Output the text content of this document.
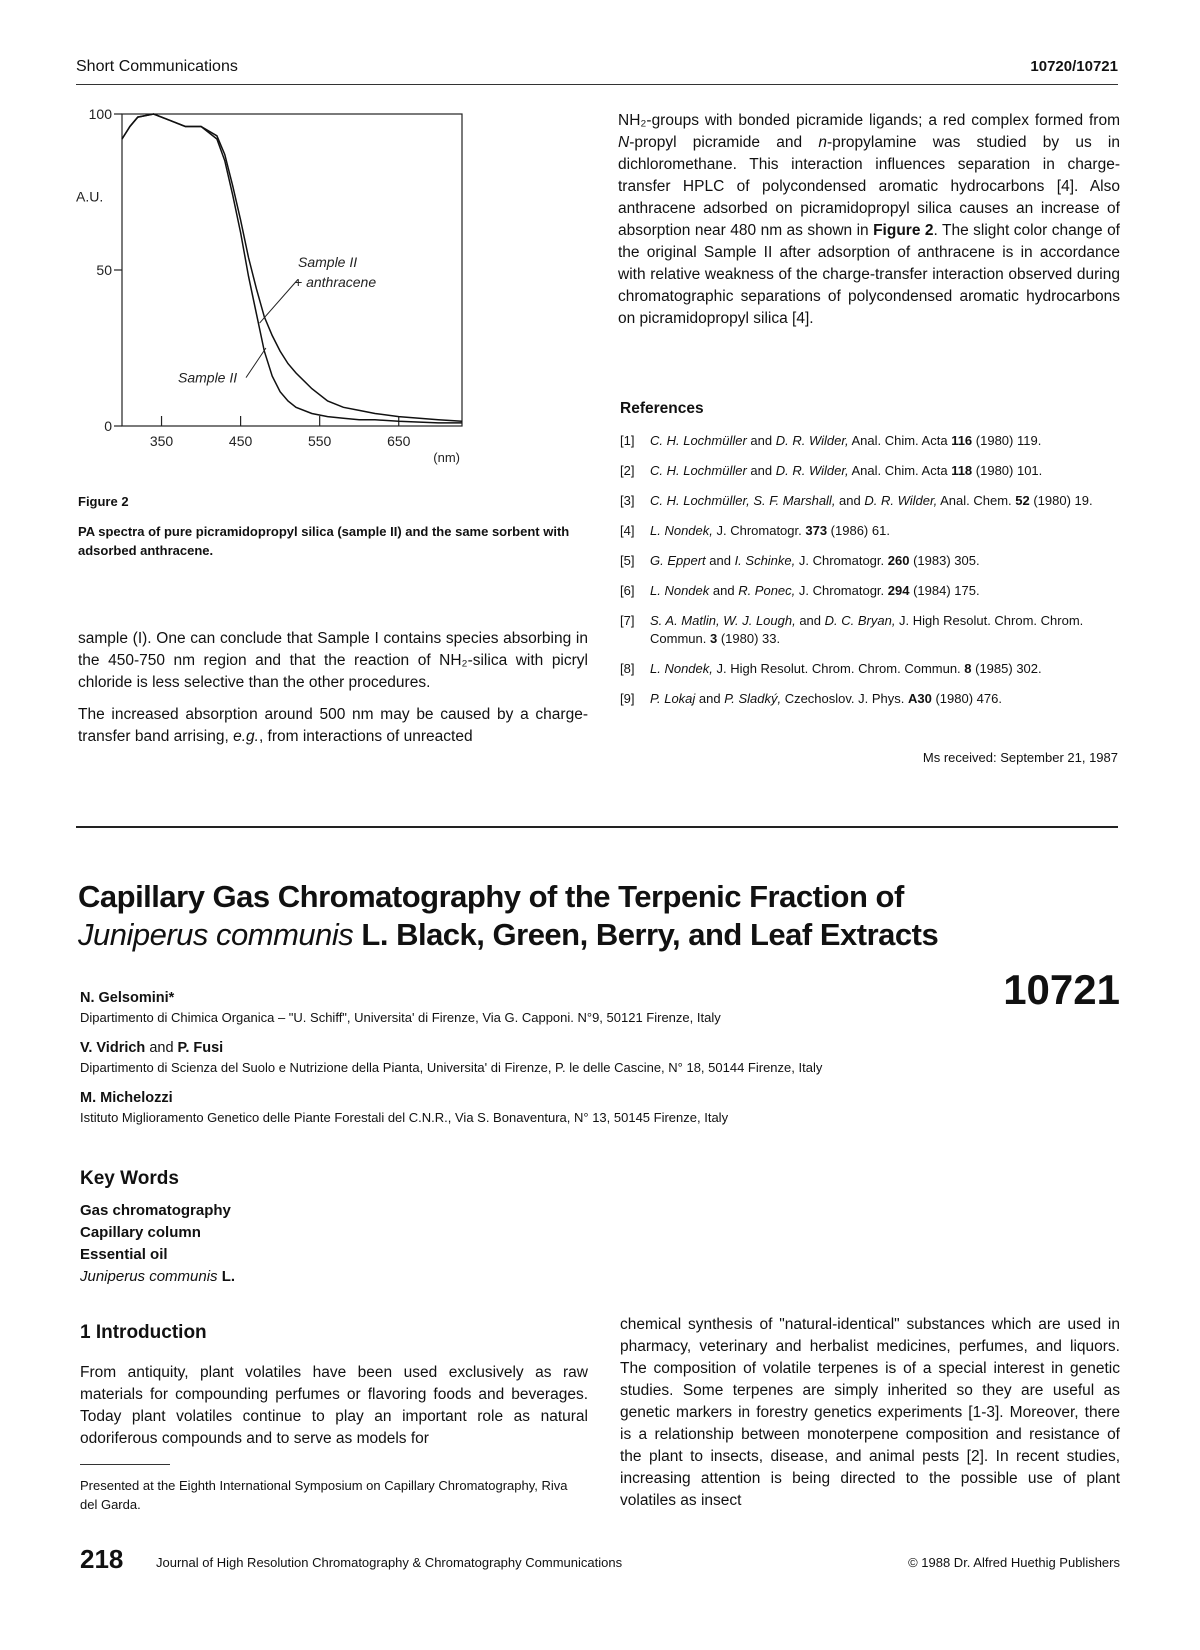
Short Communications	10720/10721
0
50
100
350	450	550	650
A.U.
(nm)
Sample II
+ anthracene
Sample II
Figure 2
PA spectra of pure picramidopropyl silica (sample II) and the same sorbent with adsorbed anthracene.

sample (I). One can conclude that Sample I contains species absorbing in the 450-750 nm region and that the reaction of NH₂-silica with picryl chloride is less selective than the other procedures.

The increased absorption around 500 nm may be caused by a charge-transfer band arrising, e.g., from interactions of unreacted

NH₂-groups with bonded picramide ligands; a red complex formed from N-propyl picramide and n-propylamine was studied by us in dichloromethane. This interaction influences separation in charge-transfer HPLC of polycondensed aromatic hydrocarbons [4]. Also anthracene adsorbed on picramidopropyl silica causes an increase of absorption near 480 nm as shown in Figure 2. The slight color change of the original Sample II after adsorption of anthracene is in accordance with relative weakness of the charge-transfer interaction observed during chromatographic separations of polycondensed aromatic hydrocarbons on picramidopropyl silica [4].

References
[1]	C. H. Lochmüller and D. R. Wilder, Anal. Chim. Acta 116 (1980) 119.
[2]	C. H. Lochmüller and D. R. Wilder, Anal. Chim. Acta 118 (1980) 101.
[3]	C. H. Lochmüller, S. F. Marshall, and D. R. Wilder, Anal. Chem. 52 (1980) 19.
[4]	L. Nondek, J. Chromatogr. 373 (1986) 61.
[5]	G. Eppert and I. Schinke, J. Chromatogr. 260 (1983) 305.
[6]	L. Nondek and R. Ponec, J. Chromatogr. 294 (1984) 175.
[7]	S. A. Matlin, W. J. Lough, and D. C. Bryan, J. High Resolut. Chrom. Chrom. Commun. 3 (1980) 33.
[8]	L. Nondek, J. High Resolut. Chrom. Chrom. Commun. 8 (1985) 302.
[9]	P. Lokaj and P. Sladký, Czechoslov. J. Phys. A30 (1980) 476.
Ms received: September 21, 1987
Capillary Gas Chromatography of the Terpenic Fraction of
Juniperus communis L. Black, Green, Berry, and Leaf Extracts
10721
N. Gelsomini*
Dipartimento di Chimica Organica – "U. Schiff", Universita' di Firenze, Via G. Capponi. N°9, 50121 Firenze, Italy
V. Vidrich and P. Fusi
Dipartimento di Scienza del Suolo e Nutrizione della Pianta, Universita' di Firenze, P. le delle Cascine, N° 18, 50144 Firenze, Italy
M. Michelozzi
Istituto Miglioramento Genetico delle Piante Forestali del C.N.R., Via S. Bonaventura, N° 13, 50145 Firenze, Italy
Key Words
Gas chromatography
Capillary column
Essential oil
Juniperus communis L.
1 Introduction
From antiquity, plant volatiles have been used exclusively as raw materials for compounding perfumes or flavoring foods and beverages. Today plant volatiles continue to play an important role as natural odoriferous compounds and to serve as models for
Presented at the Eighth International Symposium on Capillary Chromatography, Riva del Garda.
chemical synthesis of "natural-identical" substances which are used in pharmacy, veterinary and herbalist medicines, perfumes, and liquors. The composition of volatile terpenes is of a special interest in genetic studies. Some terpenes are simply inherited so they are useful as genetic markers in forestry genetics experiments [1-3]. Moreover, there is a relationship between monoterpene composition and resistance of the plant to insects, disease, and animal pests [2]. In recent studies, increasing attention is being directed to the possible use of plant volatiles as insect
218	Journal of High Resolution Chromatography & Chromatography Communications	© 1988 Dr. Alfred Huethig Publishers
